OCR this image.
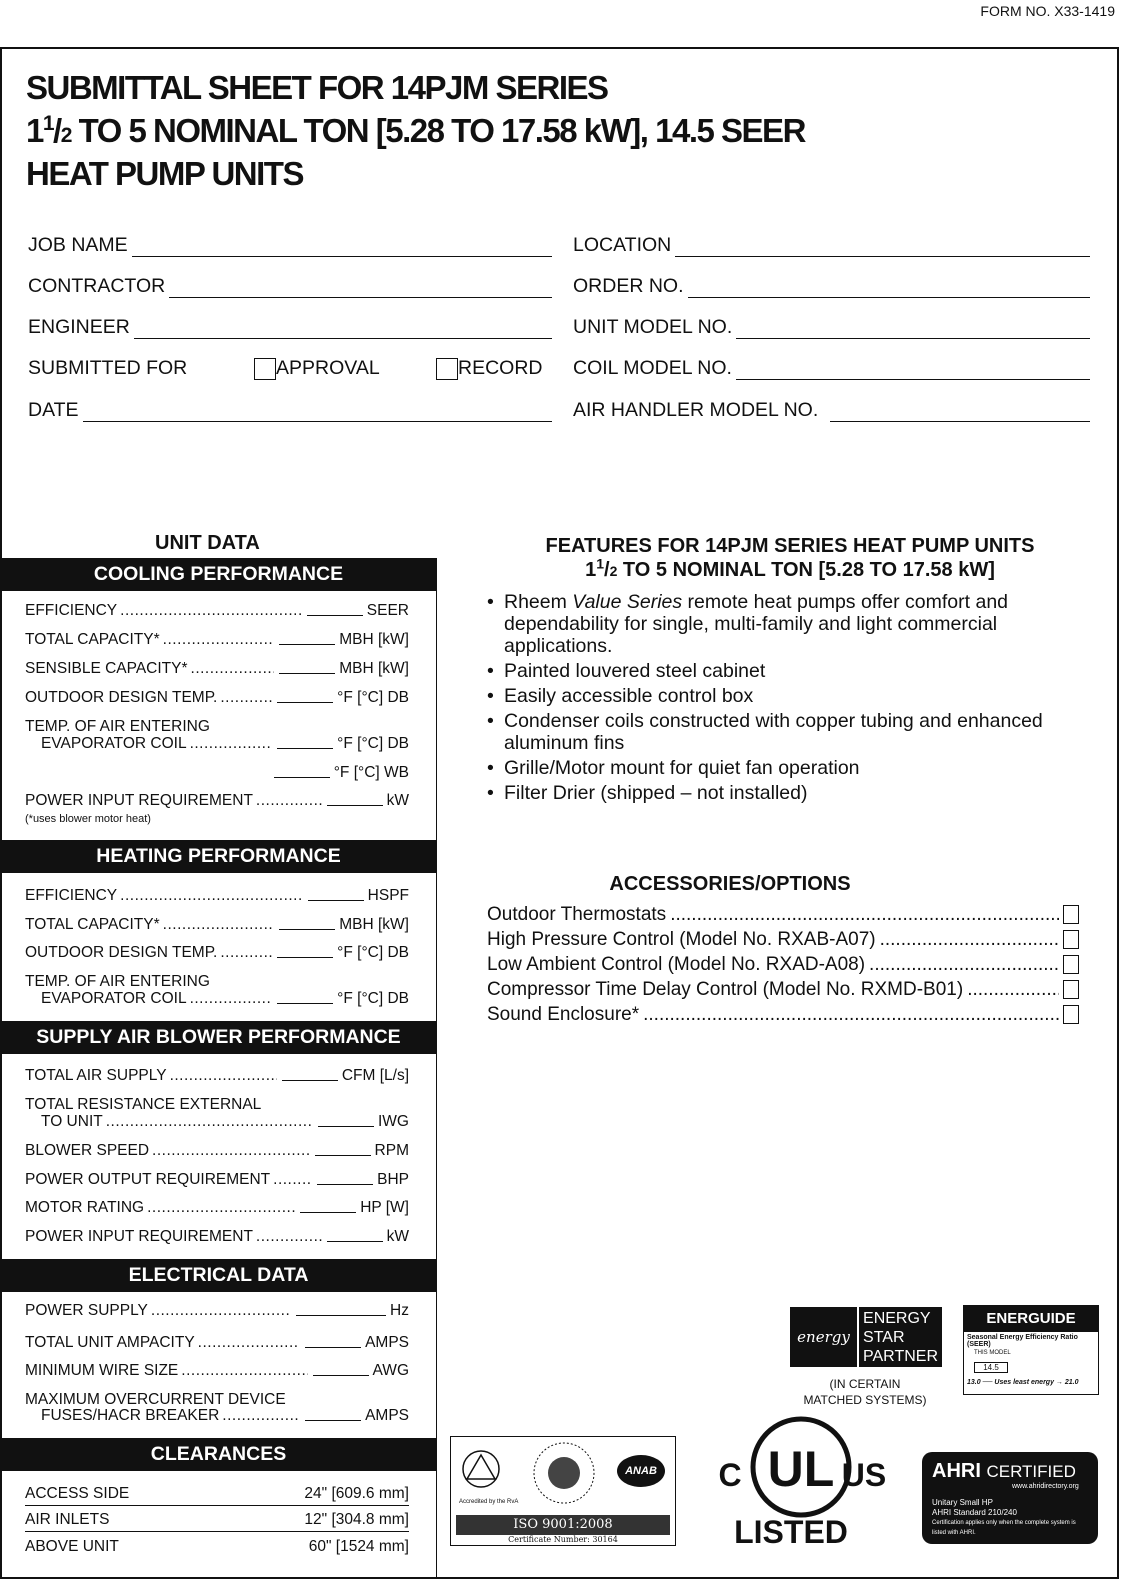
FORM NO. X33-1419
SUBMITTAL SHEET FOR 14PJM SERIES
$1^1/2$ TO 5 NOMINAL TON [5.28 TO 17.58 kW], 14.5 SEER
HEAT PUMP UNITS
JOB NAME
CONTRACTOR
ENGINEER
SUBMITTED FOR	APPROVAL	RECORD
DATE
LOCATION
ORDER NO.
UNIT MODEL NO.
COIL MODEL NO.
AIR HANDLER MODEL NO.
UNIT DATA
COOLING PERFORMANCE
EFFICIENCY .....	SEER
TOTAL CAPACITY* .....	MBH [kW]
SENSIBLE CAPACITY* .....	MBH [kW]
OUTDOOR DESIGN TEMP. .....	°F [°C] DB
TEMP. OF AIR ENTERING
EVAPORATOR COIL .....	°F [°C] DB
°F [°C] WB
POWER INPUT REQUIREMENT .....	kW
(*uses blower motor heat)
HEATING PERFORMANCE
EFFICIENCY .....	HSPF
TOTAL CAPACITY* .....	MBH [kW]
OUTDOOR DESIGN TEMP. .....	°F [°C] DB
TEMP. OF AIR ENTERING
EVAPORATOR COIL .....	°F [°C] DB
SUPPLY AIR BLOWER PERFORMANCE
TOTAL AIR SUPPLY .....	CFM [L/s]
TOTAL RESISTANCE EXTERNAL
TO UNIT .....	IWG
BLOWER SPEED .....	RPM
POWER OUTPUT REQUIREMENT .....	BHP
MOTOR RATING .....	HP [W]
POWER INPUT REQUIREMENT .....	kW
ELECTRICAL DATA
POWER SUPPLY .....	Hz
TOTAL UNIT AMPACITY .....	AMPS
MINIMUM WIRE SIZE .....	AWG
MAXIMUM OVERCURRENT DEVICE
FUSES/HACR BREAKER .....	AMPS
CLEARANCES
ACCESS SIDE	24" [609.6 mm]
AIR INLETS	12" [304.8 mm]
ABOVE UNIT	60" [1524 mm]
FEATURES FOR 14PJM SERIES HEAT PUMP UNITS
$1^1/2$ TO 5 NOMINAL TON [5.28 TO 17.58 kW]
• Rheem Value Series remote heat pumps offer comfort and dependability for single, multi-family and light commercial applications.
• Painted louvered steel cabinet
• Easily accessible control box
• Condenser coils constructed with copper tubing and enhanced aluminum fins
• Grille/Motor mount for quiet fan operation
• Filter Drier (shipped – not installed)
ACCESSORIES/OPTIONS
Outdoor Thermostats
.....
High Pressure Control (Model No. RXAB-A07)
.....
Low Ambient Control (Model No. RXAD-A08)
.....
Compressor Time Delay Control (Model No. RXMD-B01)
.....
Sound Enclosure*
.....
energy
ENERGY
STAR
PARTNER
(IN CERTAIN
MATCHED SYSTEMS)
ENERGUIDE
Seasonal Energy Efficiency Ratio (SEER)
THIS MODEL
14.5
13.0 ── Uses least energy → 21.0
ANAB
Accredited by the RvA
ISO 9001:2008
Certificate Number: 30164
UL
C	US
LISTED
AHRI CERTIFIED
www.ahridirectory.org
Unitary Small HP
AHRI Standard 210/240
Certification applies only when the complete system is listed with AHRI.
